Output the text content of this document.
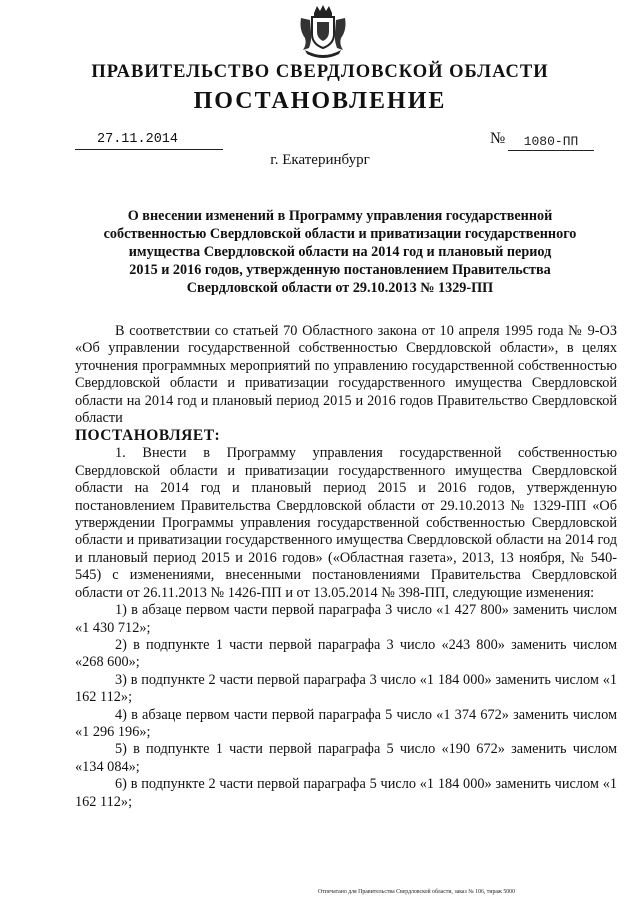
ПРАВИТЕЛЬСТВО СВЕРДЛОВСКОЙ ОБЛАСТИ
ПОСТАНОВЛЕНИЕ
27.11.2014	№	1080-ПП
г. Екатеринбург
О внесении изменений в Программу управления государственной
собственностью Свердловской области и приватизации государственного
имущества Свердловской области на 2014 год и плановый период
2015 и 2016 годов, утвержденную постановлением Правительства
Свердловской области от 29.10.2013 № 1329-ПП

В соответствии со статьей 70 Областного закона от 10 апреля 1995 года № 9-ОЗ «Об управлении государственной собственностью Свердловской области», в целях уточнения программных мероприятий по управлению государственной собственностью Свердловской области и приватизации государственного имущества Свердловской области на 2014 год и плановый период 2015 и 2016 годов Правительство Свердловской области

ПОСТАНОВЛЯЕТ:

1. Внести в Программу управления государственной собственностью Свердловской области и приватизации государственного имущества Свердловской области на 2014 год и плановый период 2015 и 2016 годов, утвержденную постановлением Правительства Свердловской области от 29.10.2013 № 1329-ПП «Об утверждении Программы управления государственной собственностью Свердловской области и приватизации государственного имущества Свердловской области на 2014 год и плановый период 2015 и 2016 годов» («Областная газета», 2013, 13 ноября, № 540-545) с изменениями, внесенными постановлениями Правительства Свердловской области от 26.11.2013 № 1426-ПП и от 13.05.2014 № 398-ПП, следующие изменения:

1) в абзаце первом части первой параграфа 3 число «1 427 800» заменить числом «1 430 712»;

2) в подпункте 1 части первой параграфа 3 число «243 800» заменить числом «268 600»;

3) в подпункте 2 части первой параграфа 3 число «1 184 000» заменить числом «1 162 112»;

4) в абзаце первом части первой параграфа 5 число «1 374 672» заменить числом «1 296 196»;

5) в подпункте 1 части первой параграфа 5 число «190 672» заменить числом «134 084»;

6) в подпункте 2 части первой параграфа 5 число «1 184 000» заменить числом «1 162 112»;

Отпечатано для Правительства Свердловской области, заказ № 106, тираж 5000
